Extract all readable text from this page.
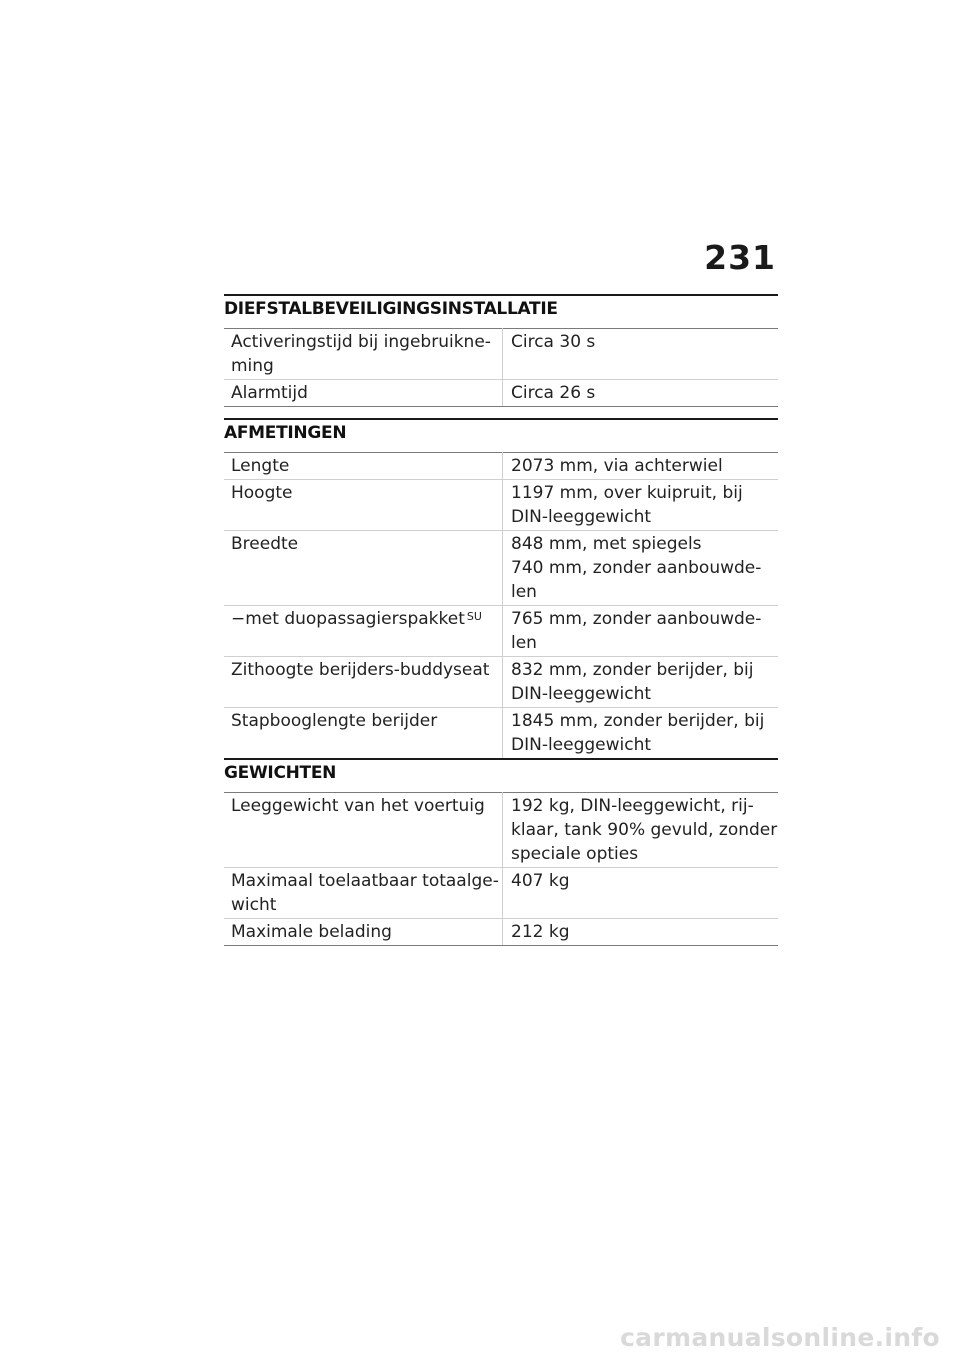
231
DIEFSTALBEVEILIGINGSINSTALLATIE
Activeringstijd bij ingebruikne-
ming	Circa 30 s
Alarmtijd	Circa 26 s
AFMETINGEN
Lengte	2073 mm, via achterwiel
Hoogte	1197 mm, over kuipruit, bij
DIN-leeggewicht
Breedte	848 mm, met spiegels
740 mm, zonder aanbouwde-
len
−met duopassagierspakket $^{SU}$	765 mm, zonder aanbouwde-
len
Zithoogte berijders-buddyseat	832 mm, zonder berijder, bij
DIN-leeggewicht
Stapbooglengte berijder	1845 mm, zonder berijder, bij
DIN-leeggewicht
GEWICHTEN
Leeggewicht van het voertuig	192 kg, DIN-leeggewicht, rij-
klaar, tank 90% gevuld, zonder
speciale opties
Maximaal toelaatbaar totaalge-
wicht	407 kg
Maximale belading	212 kg
carmanualsonline.info
